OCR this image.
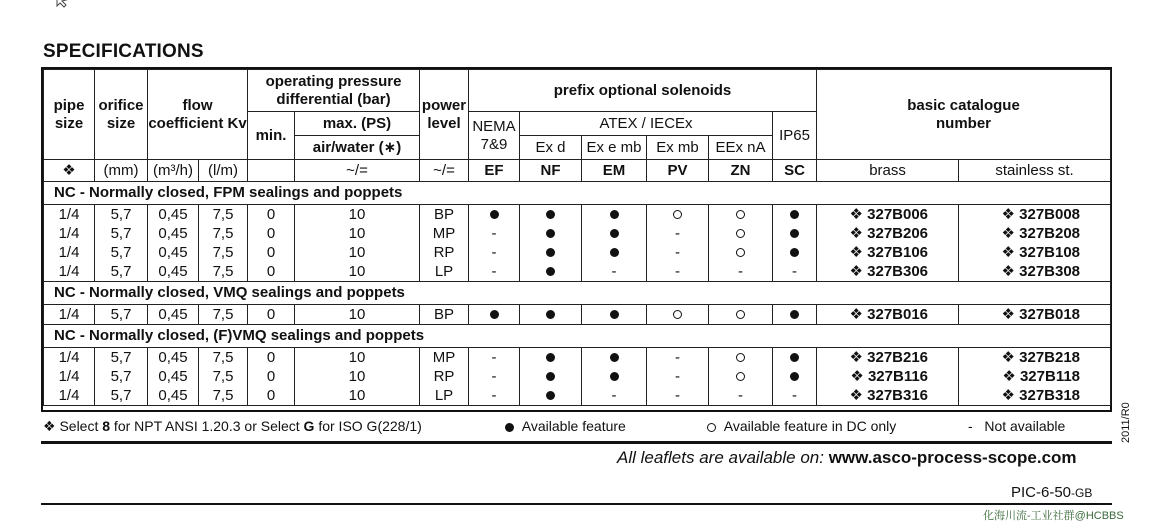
SPECIFICATIONS
pipe size	orifice size	flow coefficient Kv		operating pressure differential (bar)		power level	prefix optional solenoids						basic catalogue number	
				min.	max. (PS)		NEMA 7&9	ATEX / IECEx				IP65		
					air/water (∗)			Ex d	Ex e mb	Ex mb	EEx nA			
❖	(mm)	(m³/h)	(l/m)		~/=	~/=	EF	NF	EM	PV	ZN	SC	brass	stainless st.
NC - Normally closed, FPM sealings and poppets														
1/4	5,7	0,45	7,5	0	10	BP							❖ 327B006	❖ 327B008
1/4	5,7	0,45	7,5	0	10	MP	-			-			❖ 327B206	❖ 327B208
1/4	5,7	0,45	7,5	0	10	RP	-			-			❖ 327B106	❖ 327B108
1/4	5,7	0,45	7,5	0	10	LP	-		-	-	-	-	❖ 327B306	❖ 327B308
NC - Normally closed, VMQ sealings and poppets														
1/4	5,7	0,45	7,5	0	10	BP							❖ 327B016	❖ 327B018
NC - Normally closed, (F)VMQ sealings and poppets														
1/4	5,7	0,45	7,5	0	10	MP	-			-			❖ 327B216	❖ 327B218
1/4	5,7	0,45	7,5	0	10	RP	-			-			❖ 327B116	❖ 327B118
1/4	5,7	0,45	7,5	0	10	LP	-		-	-	-	-	❖ 327B316	❖ 327B318
❖ Select 8 for NPT ANSI 1.20.3 or Select G for ISO G(228/1)	Available feature	Available feature in DC only	- Not available
All leaflets are available on: www.asco-process-scope.com
PIC-6-50-GB
2011/R0
化海川流-工业社群@HCBBS
